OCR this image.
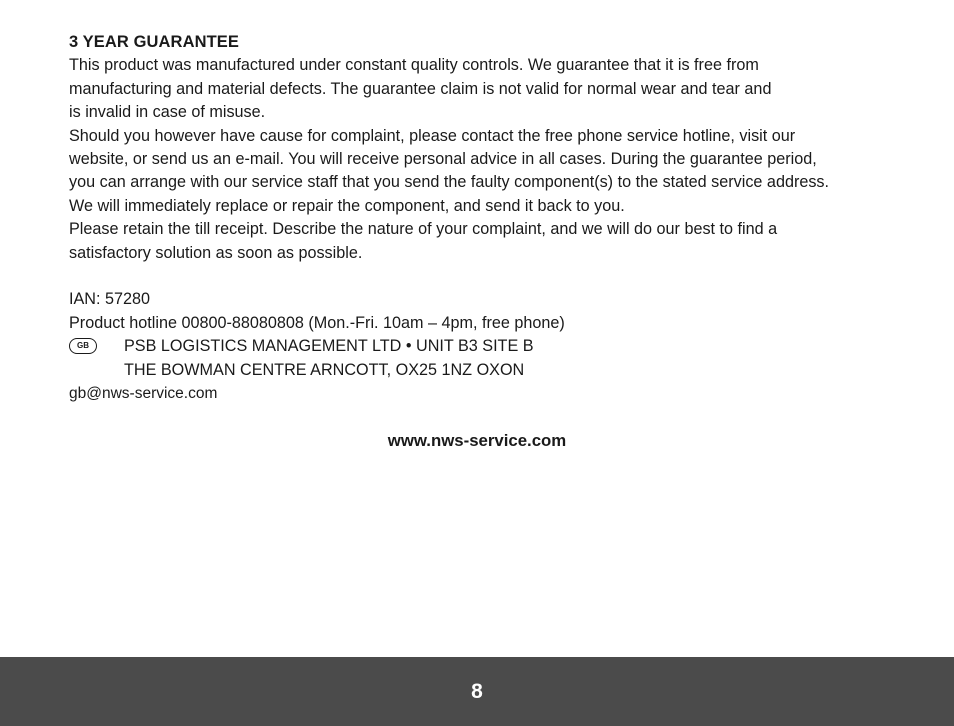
3 YEAR GUARANTEE
This product was manufactured under constant quality controls. We guarantee that it is free from
manufacturing and material defects. The guarantee claim is not valid for normal wear and tear and
is invalid in case of misuse.
Should you however have cause for complaint, please contact the free phone service hotline, visit our
website, or send us an e-mail. You will receive personal advice in all cases. During the guarantee period,
you can arrange with our service staff that you send the faulty component(s) to the stated service address.
We will immediately replace or repair the component, and send it back to you.
Please retain the till receipt. Describe the nature of your complaint, and we will do our best to find a
satisfactory solution as soon as possible.
IAN: 57280
Product hotline 00800-88080808 (Mon.-Fri. 10am – 4pm, free phone)
GB	PSB LOGISTICS MANAGEMENT LTD • UNIT B3 SITE B
THE BOWMAN CENTRE ARNCOTT, OX25 1NZ OXON
gb@nws-service.com
www.nws-service.com
8
